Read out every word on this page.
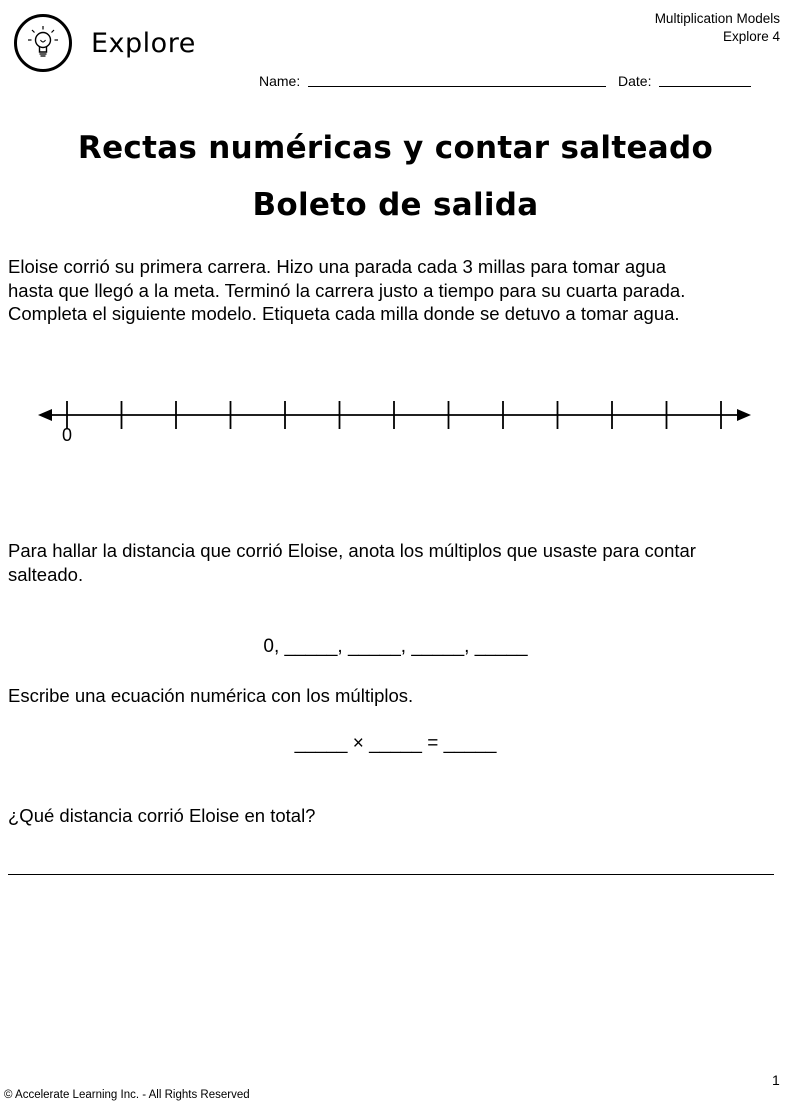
Explore
Multiplication Models
Explore 4
Name:	Date:
Rectas numéricas y contar salteado
Boleto de salida
Eloise corrió su primera carrera. Hizo una parada cada 3 millas para tomar agua
hasta que llegó a la meta. Terminó la carrera justo a tiempo para su cuarta parada.
Completa el siguiente modelo. Etiqueta cada milla donde se detuvo a tomar agua.
0
Para hallar la distancia que corrió Eloise, anota los múltiplos que usaste para contar
salteado.
0, _____, _____, _____, _____
Escribe una ecuación numérica con los múltiplos.
_____ × _____ = _____
¿Qué distancia corrió Eloise en total?
© Accelerate Learning Inc. - All Rights Reserved
1
